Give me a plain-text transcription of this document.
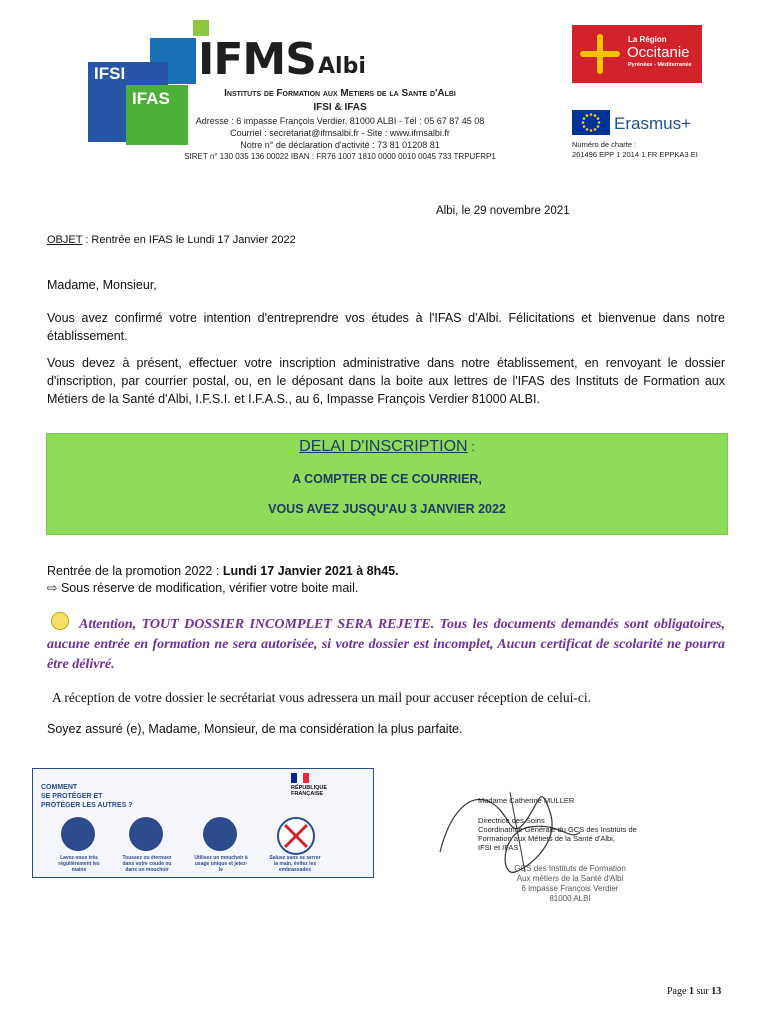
IFSI
IFAS
IFMS Albi
Instituts de Formation aux Metiers de la Sante d'Albi
IFSI & IFAS
Adresse : 6 impasse François Verdier, 81000 ALBI - Tél : 05 67 87 45 08
Courriel : secretariat@ifmsalbi.fr - Site : www.ifmsalbi.fr
Notre n° de déclaration d'activité : 73 81 01208 81
SIRET n° 130 035 136 00022 IBAN : FR76 1007 1810 0000 0010 0045 733 TRPUFRP1
La Région
Occitanie
Pyrénées - Méditerranée
Erasmus+
Numéro de charte :
261496 EPP 1 2014 1 FR EPPKA3 EI
Albi, le 29 novembre 2021
OBJET : Rentrée en IFAS le Lundi 17 Janvier 2022
Madame, Monsieur,
Vous avez confirmé votre intention d'entreprendre vos études à l'IFAS d'Albi. Félicitations et bienvenue dans notre établissement.
Vous devez à présent, effectuer votre inscription administrative dans notre établissement, en renvoyant le dossier d'inscription, par courrier postal, ou, en le déposant dans la boite aux lettres de l'IFAS des Instituts de Formation aux Métiers de la Santé d'Albi, I.F.S.I. et I.F.A.S., au 6, Impasse François Verdier 81000 ALBI.
DELAI D'INSCRIPTION :
A COMPTER DE CE COURRIER,
VOUS AVEZ JUSQU'AU 3 JANVIER 2022
Rentrée de la promotion 2022 : Lundi 17 Janvier 2021 à 8h45.
⇨ Sous réserve de modification, vérifier votre boite mail.
Attention, TOUT DOSSIER INCOMPLET SERA REJETE. Tous les documents demandés sont obligatoires, aucune entrée en formation ne sera autorisée, si votre dossier est incomplet, Aucun certificat de scolarité ne pourra être délivré.
A réception de votre dossier le secrétariat vous adressera un mail pour accuser réception de celui-ci.
Soyez assuré (e), Madame, Monsieur, de ma considération la plus parfaite.
COMMENT
SE PROTÉGER ET
PROTÉGER LES AUTRES ?
RÉPUBLIQUE
FRANÇAISE
Lavez-vous très régulièrement les mains
Toussez ou éternuez dans votre coude ou dans un mouchoir
Utilisez un mouchoir à usage unique et jetez-le
Saluez sans se serrer la main, évitez les embrassades
Madame Catherine MULLER
Directrice des Soins
Coordinatrice Générale du GCS des Instituts de
Formation aux Métiers de la Santé d'Albi,
IFSI et IFAS
GCS des Instituts de Formation
Aux métiers de la Santé d'Albi
6 impasse François Verdier
81000 ALBI
Page 1 sur 13
